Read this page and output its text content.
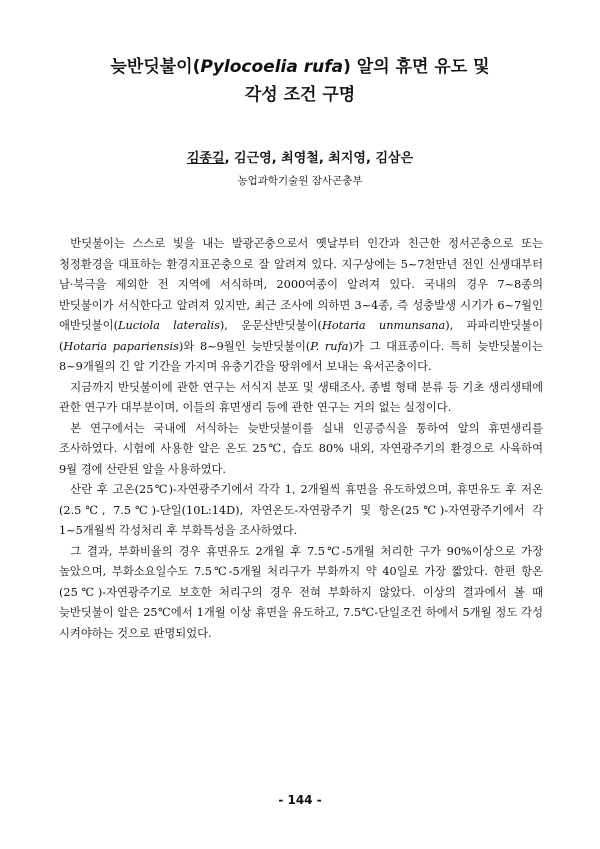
늦반딧불이(Pylocoelia rufa) 알의 휴면 유도 및
각성 조건 구명
김종길, 김근영, 최영철, 최지영, 김삼은
농업과학기술원 잠사곤충부

반딧불이는 스스로 빛을 내는 발광곤충으로서 옛날부터 인간과 친근한 정서곤충으로 또는 청정환경을 대표하는 환경지표곤충으로 잘 알려져 있다. 지구상에는 5~7천만년 전인 신생대부터 남·북극을 제외한 전 지역에 서식하며, 2000여종이 알려져 있다. 국내의 경우 7~8종의 반딧불이가 서식한다고 알려져 있지만, 최근 조사에 의하면 3~4종, 즉 성충발생 시기가 6~7월인 애반딧불이(Luciola lateralis), 운문산반딧불이(Hotaria unmunsana), 파파리반딧불이(Hotaria papariensis)와 8~9월인 늦반딧불이(P. rufa)가 그 대표종이다. 특히 늦반딧불이는 8~9개월의 긴 알 기간을 가지며 유충기간을 땅위에서 보내는 육서곤충이다.

지금까지 반딧불이에 관한 연구는 서식지 분포 및 생태조사, 종별 형태 분류 등 기초 생리생태에 관한 연구가 대부분이며, 이들의 휴면생리 등에 관한 연구는 거의 없는 실정이다.

본 연구에서는 국내에 서식하는 늦반딧불이를 실내 인공증식을 통하여 알의 휴면생리를 조사하였다. 시험에 사용한 알은 온도 25℃, 습도 80% 내외, 자연광주기의 환경으로 사육하여 9월 경에 산란된 알을 사용하였다.

산란 후 고온(25℃)-자연광주기에서 각각 1, 2개월씩 휴면을 유도하였으며, 휴면유도 후 저온(2.5℃, 7.5℃)-단일(10L:14D), 자연온도-자연광주기 및 항온(25℃)-자연광주기에서 각 1~5개월씩 각성처리 후 부화특성을 조사하였다.

그 결과, 부화비율의 경우 휴면유도 2개월 후 7.5℃-5개월 처리한 구가 90%이상으로 가장 높았으며, 부화소요일수도 7.5℃-5개월 처리구가 부화까지 약 40일로 가장 짧았다. 한편 항온(25℃)-자연광주기로 보호한 처리구의 경우 전혀 부화하지 않았다. 이상의 결과에서 볼 때 늦반딧불이 알은 25℃에서 1개월 이상 휴면을 유도하고, 7.5℃-단일조건 하에서 5개월 정도 각성 시켜야하는 것으로 판명되었다.

- 144 -
